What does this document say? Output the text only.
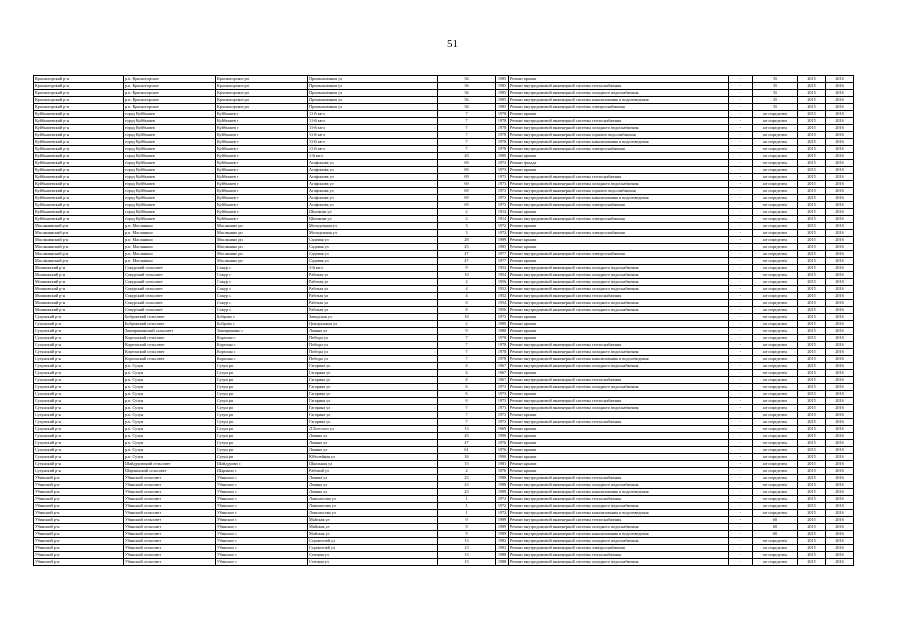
51
Красногорский р-н	р.п. Красногорское	Красногорское рп	Промышленная ул	36	1985	Ремонт крыши	-	35	2015	2016
Красногорский р-н	р.п. Красногорское	Красногорское рп	Промышленная ул	36	1985	Ремонт внутридомовой инженерной системы теплоснабжения	-	35	2015	2016
Красногорский р-н	р.п. Красногорское	Красногорское рп	Промышленная ул	36	1985	Ремонт внутридомовой инженерной системы холодного водоснабжения	-	35	2015	2016
Красногорский р-н	р.п. Красногорское	Красногорское рп	Промышленная ул	36	1985	Ремонт внутридомовой инженерной системы канализования и водоотведения	-	35	2015	2016
Красногорский р-н	р.п. Красногорское	Красногорское рп	Промышленная ул	36	1985	Ремонт внутридомовой инженерной системы электроснабжения	-	35	2015	2016
Куйбышевский р-н	город Куйбышев	Куйбышев г	11-й кв-л	7	1978	Ремонт крыши	-	не определен	2015	2016
Куйбышевский р-н	город Куйбышев	Куйбышев г	11-й кв-л	7	1978	Ремонт внутридомовой инженерной системы теплоснабжения	-	не определен	2015	2016
Куйбышевский р-н	город Куйбышев	Куйбышев г	11-й кв-л	7	1978	Ремонт внутридомовой инженерной системы холодного водоснабжения	-	не определен	2015	2016
Куйбышевский р-н	город Куйбышев	Куйбышев г	11-й кв-л	7	1978	Ремонт внутридомовой инженерной системы горячего водоснабжения	-	не определен	2015	2016
Куйбышевский р-н	город Куйбышев	Куйбышев г	11-й кв-л	7	1978	Ремонт внутридомовой инженерной системы канализования и водоотведения	-	не определен	2015	2016
Куйбышевский р-н	город Куйбышев	Куйбышев г	11-й кв-л	7	1978	Ремонт внутридомовой инженерной системы электроснабжения	-	не определен	2015	2016
Куйбышевский р-н	город Куйбышев	Куйбышев г	1-й кв-л	20	1980	Ремонт крыши	-	не определен	2015	2016
Куйбышевский р-н	город Куйбышев	Куйбышев г	Агафонова ул	69	1973	Ремонт фасада	-	не определен	2015	2016
Куйбышевский р-н	город Куйбышев	Куйбышев г	Агафонова ул	69	1973	Ремонт крыши	-	не определен	2015	2016
Куйбышевский р-н	город Куйбышев	Куйбышев г	Агафонова ул	69	1973	Ремонт внутридомовой инженерной системы теплоснабжения	-	не определен	2015	2016
Куйбышевский р-н	город Куйбышев	Куйбышев г	Агафонова ул	69	1973	Ремонт внутридомовой инженерной системы холодного водоснабжения	-	не определен	2015	2016
Куйбышевский р-н	город Куйбышев	Куйбышев г	Агафонова ул	69	1973	Ремонт внутридомовой инженерной системы горячего водоснабжения	-	не определен	2015	2016
Куйбышевский р-н	город Куйбышев	Куйбышев г	Агафонова ул	69	1973	Ремонт внутридомовой инженерной системы канализования и водоотведения	-	не определен	2015	2016
Куйбышевский р-н	город Куйбышев	Куйбышев г	Агафонова ул	69	1973	Ремонт внутридомовой инженерной системы электроснабжения	-	не определен	2015	2016
Куйбышевский р-н	город Куйбышев	Куйбышев г	Шишкова ул	2	1914	Ремонт крыши	-	не определен	2015	2016
Куйбышевский р-н	город Куйбышев	Куйбышев г	Шишкова ул	2	1914	Ремонт внутридомовой инженерной системы электроснабжения	-	не определен	2015	2016
Маслянинский р-н	р.п. Маслянино	Маслянино рп	Молодежная ул	3	1972	Ремонт крыши	-	не определен	2015	2016
Маслянинский р-н	р.п. Маслянино	Маслянино рп	Молодежная ул	3	1972	Ремонт внутридомовой инженерной системы электроснабжения	-	не определен	2015	2016
Маслянинский р-н	р.п. Маслянино	Маслянино рп	Садовая ул	28	1989	Ремонт крыши	-	не определен	2015	2016
Маслянинский р-н	р.п. Маслянино	Маслянино рп	Садовая ул	45	1985	Ремонт крыши	-	не определен	2015	2016
Маслянинский р-н	р.п. Маслянино	Маслянино рп	Садовая ул	47	1977	Ремонт внутридомовой инженерной системы электроснабжения	-	не определен	2015	2016
Маслянинский р-н	р.п. Маслянино	Маслянино рп	Садовая ул	47	1977	Ремонт крыши	-	не определен	2015	2016
Мошковский р-н	Сокурский сельсовет	Сокур с	3-й кв-л	9	1954	Ремонт внутридомовой инженерной системы холодного водоснабжения	-	не определен	2015	2016
Мошковский р-н	Сокурский сельсовет	Сокур с	Рабочая ул	10	1954	Ремонт внутридомовой инженерной системы холодного водоснабжения	-	не определен	2015	2016
Мошковский р-н	Сокурский сельсовет	Сокур с	Рабочая ул	2	1956	Ремонт внутридомовой инженерной системы холодного водоснабжения	-	не определен	2015	2016
Мошковский р-н	Сокурский сельсовет	Сокур с	Рабочая ул	4	1952	Ремонт внутридомовой инженерной системы холодного водоснабжения	-	не определен	2015	2016
Мошковский р-н	Сокурский сельсовет	Сокур с	Рабочая ул	4	1952	Ремонт внутридомовой инженерной системы теплоснабжения	-	не определен	2015	2016
Мошковский р-н	Сокурский сельсовет	Сокур с	Рабочая ул	6	1954	Ремонт внутридомовой инженерной системы холодного водоснабжения	-	не определен	2015	2016
Мошковский р-н	Сокурский сельсовет	Сокур с	Рабочая ул	8	1956	Ремонт внутридомовой инженерной системы холодного водоснабжения	-	не определен	2015	2016
Сузунский р-н	Бобровский сельсовет	Боброво с	Заводская ул	16	1973	Ремонт крыши	-	не определен	2015	2016
Сузунский р-н	Бобровский сельсовет	Боброво с	Центральная ул	2	1980	Ремонт крыши	-	не определен	2015	2016
Сузунский р-н	Заковряжинский сельсовет	Заковряжино с	Ленина ул	9	1980	Ремонт крыши	-	не определен	2015	2016
Сузунский р-н	Коргонский сельсовет	Коргоны с	Победы ул	7	1978	Ремонт крыши	-	не определен	2015	2016
Сузунский р-н	Коргонский сельсовет	Коргоны с	Победы ул	7	1978	Ремонт внутридомовой инженерной системы теплоснабжения	-	не определен	2015	2016
Сузунский р-н	Коргонский сельсовет	Коргоны с	Победы ул	7	1978	Ремонт внутридомовой инженерной системы холодного водоснабжения	-	не определен	2015	2016
Сузунский р-н	Коргонский сельсовет	Коргоны с	Победы ул	7	1978	Ремонт внутридомовой инженерной системы канализования и водоотведения	-	не определен	2015	2016
Сузунский р-н	р.п. Сузун	Сузун рп	Гагарина ул	4	1967	Ремонт внутридомовой инженерной системы холодного водоснабжения	-	не определен	2015	2016
Сузунский р-н	р.п. Сузун	Сузун рп	Гагарина ул	4	1967	Ремонт крыши	-	не определен	2015	2016
Сузунский р-н	р.п. Сузун	Сузун рп	Гагарина ул	4	1967	Ремонт внутридомовой инженерной системы теплоснабжения	-	не определен	2015	2016
Сузунский р-н	р.п. Сузун	Сузун рп	Гагарина ул	6	1973	Ремонт внутридомовой инженерной системы холодного водоснабжения	-	не определен	2015	2016
Сузунский р-н	р.п. Сузун	Сузун рп	Гагарина ул	6	1973	Ремонт крыши	-	не определен	2015	2016
Сузунский р-н	р.п. Сузун	Сузун рп	Гагарина ул	6	1973	Ремонт внутридомовой инженерной системы теплоснабжения	-	не определен	2015	2016
Сузунский р-н	р.п. Сузун	Сузун рп	Гагарина ул	7	1973	Ремонт внутридомовой инженерной системы холодного водоснабжения	-	не определен	2015	2016
Сузунский р-н	р.п. Сузун	Сузун рп	Гагарина ул	7	1973	Ремонт крыши	-	не определен	2015	2016
Сузунский р-н	р.п. Сузун	Сузун рп	Гагарина ул	7	1973	Ремонт внутридомовой инженерной системы теплоснабжения	-	не определен	2015	2016
Сузунский р-н	р.п. Сузун	Сузун рп	Л.Толстого ул	13	1969	Ремонт крыши	-	не определен	2015	2016
Сузунский р-н	р.п. Сузун	Сузун рп	Ленина ул	45	1996	Ремонт крыши	-	не определен	2015	2016
Сузунский р-н	р.п. Сузун	Сузун рп	Ленина ул	47	1976	Ремонт крыши	-	не определен	2015	2016
Сузунский р-н	р.п. Сузун	Сузун рп	Ленина ул	61	1976	Ремонт крыши	-	не определен	2015	2016
Сузунский р-н	р.п. Сузун	Сузун рп	Юбилейная ул	16	1990	Ремонт крыши	-	не определен	2015	2016
Сузунский р-н	Шайдуровский сельсовет	Шайдурово с	Школьная ул	13	1981	Ремонт крыши	-	не определен	2015	2016
Сузунский р-н	Шарчинский сельсовет	Шарчино с	Рабочий ул	2	1976	Ремонт крыши	-	не определен	2015	2016
Убинский р-н	Убинский сельсовет	Убинское с	Ленина ул	23	1988	Ремонт внутридомовой инженерной системы теплоснабжения	-	не определен	2015	2016
Убинский р-н	Убинский сельсовет	Убинское с	Ленина ул	23	1988	Ремонт внутридомовой инженерной системы холодного водоснабжения	-	не определен	2015	2016
Убинский р-н	Убинский сельсовет	Убинское с	Ленина ул	23	1988	Ремонт внутридомовой инженерной системы канализования и водоотведения	-	не определен	2015	2016
Убинский р-н	Убинский сельсовет	Убинское с	Ломоносова ул	1	1972	Ремонт внутридомовой инженерной системы теплоснабжения	-	не определен	2015	2016
Убинский р-н	Убинский сельсовет	Убинское с	Ломоносова ул	1	1972	Ремонт внутридомовой инженерной системы холодного водоснабжения	-	не определен	2015	2016
Убинский р-н	Убинский сельсовет	Убинское с	Ломоносова ул	1	1972	Ремонт внутридомовой инженерной системы канализования и водоотведения	-	не определен	2015	2016
Убинский р-н	Убинский сельсовет	Убинское с	Майская ул	9	1989	Ремонт внутридомовой инженерной системы теплоснабжения	-	60	2015	2016
Убинский р-н	Убинский сельсовет	Убинское с	Майская ул	9	1989	Ремонт внутридомовой инженерной системы холодного водоснабжения	-	60	2015	2016
Убинский р-н	Убинский сельсовет	Убинское с	Майская ул	9	1989	Ремонт внутридомовой инженерной системы канализования и водоотведения	-	60	2015	2016
Убинский р-н	Убинский сельсовет	Убинское с	Строителей ул	13	1982	Ремонт внутридомовой инженерной системы холодного водоснабжения	-	не определен	2015	2016
Убинский р-н	Убинский сельсовет	Убинское с	Строителей ул	13	1982	Ремонт внутридомовой инженерной системы электроснабжения	-	не определен	2015	2016
Убинский р-н	Убинский сельсовет	Убинское с	Степная ул	13	1988	Ремонт внутридомовой инженерной системы теплоснабжения	-	не определен	2015	2016
Убинский р-н	Убинский сельсовет	Убинское с	Степная ул	13	1988	Ремонт внутридомовой инженерной системы холодного водоснабжения	-	не определен	2015	2016
